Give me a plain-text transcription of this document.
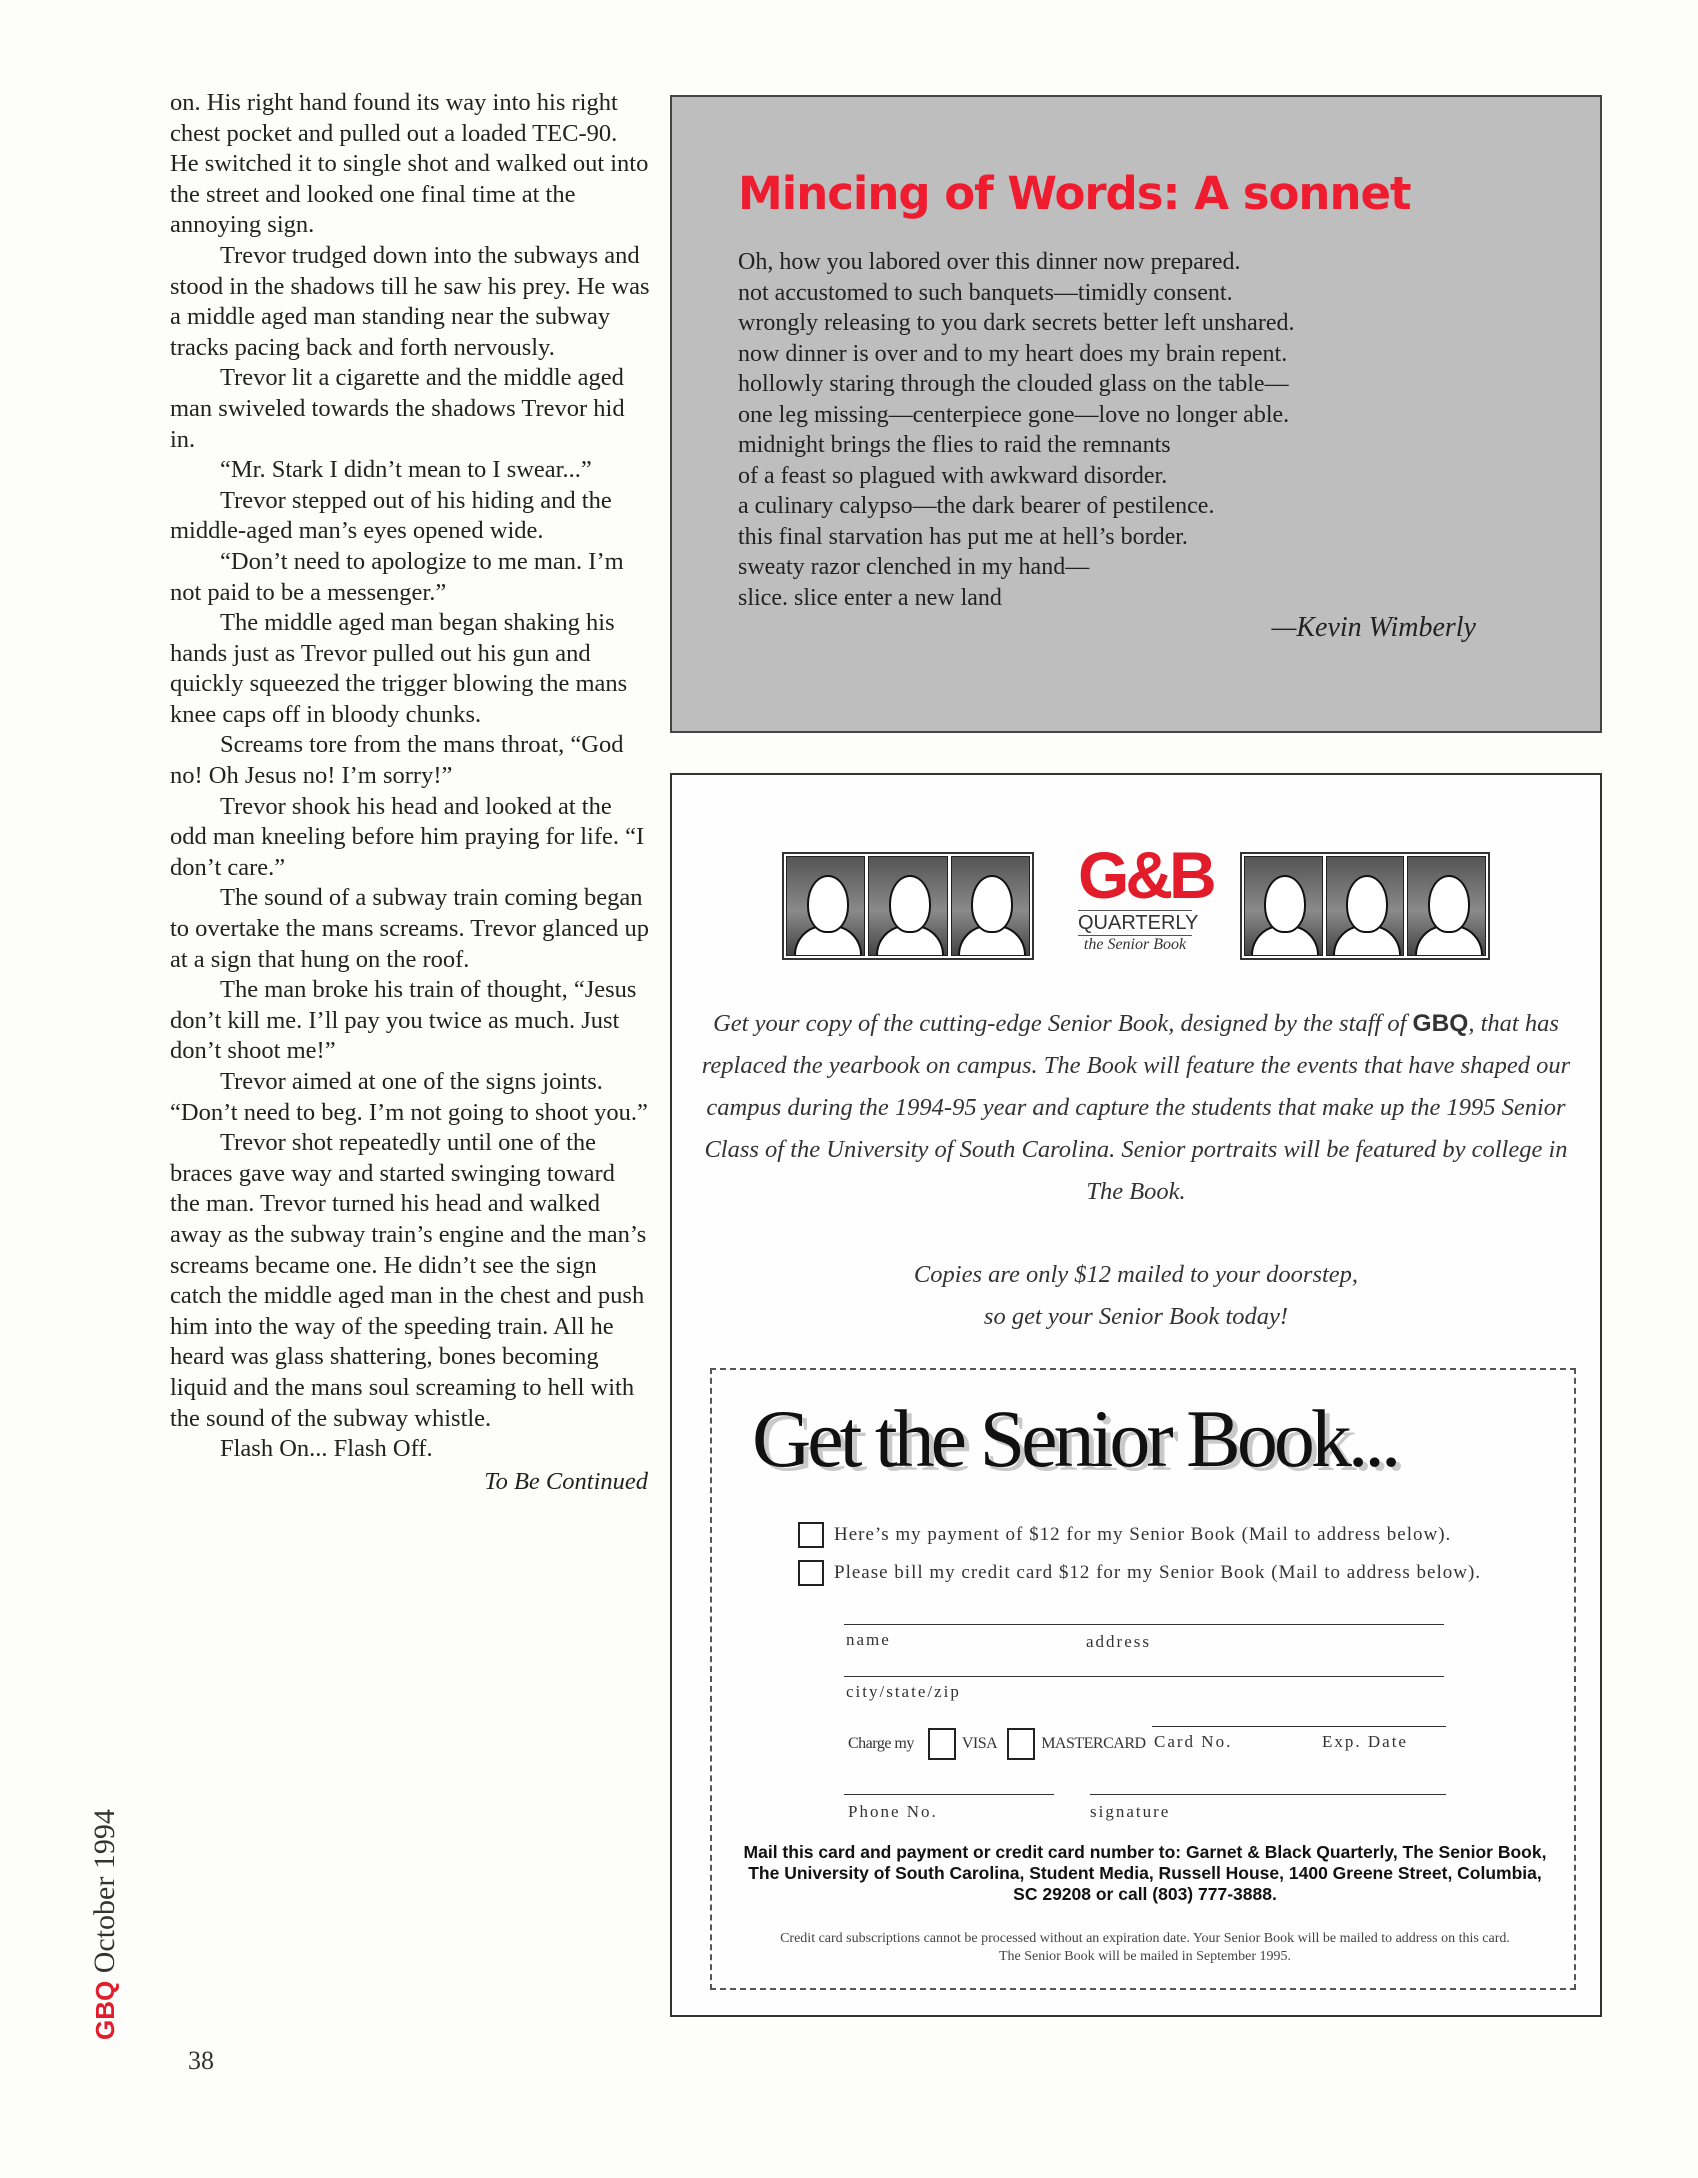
on. His right hand found its way into his right chest pocket and pulled out a loaded TEC-90. He switched it to single shot and walked out into the street and looked one final time at the annoying sign.

Trevor trudged down into the subways and stood in the shadows till he saw his prey. He was a middle aged man standing near the subway tracks pacing back and forth nervously.

Trevor lit a cigarette and the middle aged man swiveled towards the shadows Trevor hid in.

“Mr. Stark I didn’t mean to I swear...”

Trevor stepped out of his hiding and the middle-aged man’s eyes opened wide.

“Don’t need to apologize to me man. I’m not paid to be a messenger.”

The middle aged man began shaking his hands just as Trevor pulled out his gun and quickly squeezed the trigger blowing the mans knee caps off in bloody chunks.

Screams tore from the mans throat, “God no! Oh Jesus no! I’m sorry!”

Trevor shook his head and looked at the odd man kneeling before him praying for life. “I don’t care.”

The sound of a subway train coming began to overtake the mans screams. Trevor glanced up at a sign that hung on the roof.

The man broke his train of thought, “Jesus don’t kill me. I’ll pay you twice as much. Just don’t shoot me!”

Trevor aimed at one of the signs joints. “Don’t need to beg. I’m not going to shoot you.”

Trevor shot repeatedly until one of the braces gave way and started swinging toward the man. Trevor turned his head and walked away as the subway train’s engine and the man’s screams became one. He didn’t see the sign catch the middle aged man in the chest and push him into the way of the speeding train. All he heard was glass shattering, bones becoming liquid and the mans soul screaming to hell with the sound of the subway whistle.

Flash On... Flash Off.

To Be Continued
GBQ October 1994
38
Mincing of Words: A sonnet
Oh, how you labored over this dinner now prepared.
not accustomed to such banquets—timidly consent.
wrongly releasing to you dark secrets better left unshared.
now dinner is over and to my heart does my brain repent.
hollowly staring through the clouded glass on the table—
one leg missing—centerpiece gone—love no longer able.
midnight brings the flies to raid the remnants
of a feast so plagued with awkward disorder.
a culinary calypso—the dark bearer of pestilence.
this final starvation has put me at hell’s border.
sweaty razor clenched in my hand—
slice. slice enter a new land
—Kevin Wimberly
G&B
QUARTERLY
the Senior Book
Get your copy of the cutting-edge Senior Book, designed by the staff of GBQ, that has replaced the yearbook on campus. The Book will feature the events that have shaped our campus during the 1994-95 year and capture the students that make up the 1995 Senior Class of the University of South Carolina. Senior portraits will be featured by college in The Book.
Copies are only $12 mailed to your doorstep,
so get your Senior Book today!
Get the Senior Book...
Here’s my payment of $12 for my Senior Book (Mail to address below).
Please bill my credit card $12 for my Senior Book (Mail to address below).
name	address
city/state/zip
Charge my	VISA	MASTERCARD Card No.	Exp. Date
Phone No.	signature
Mail this card and payment or credit card number to: Garnet & Black Quarterly, The Senior Book, The University of South Carolina, Student Media, Russell House, 1400 Greene Street, Columbia, SC 29208 or call (803) 777-3888.
Credit card subscriptions cannot be processed without an expiration date. Your Senior Book will be mailed to address on this card. The Senior Book will be mailed in September 1995.
